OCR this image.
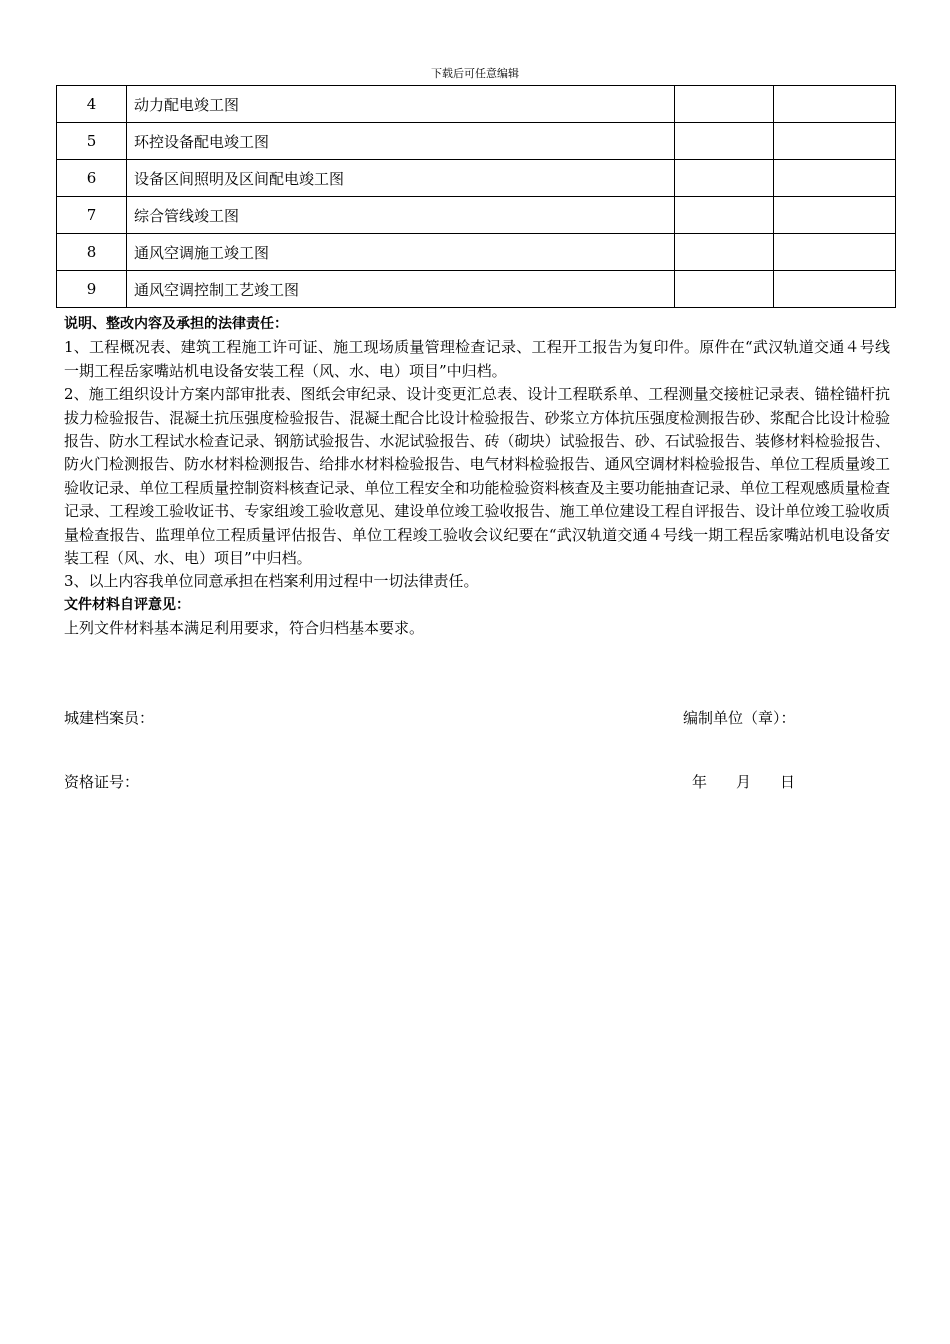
下载后可任意编辑
4	动力配电竣工图		
5	环控设备配电竣工图		
6	设备区间照明及区间配电竣工图		
7	综合管线竣工图		
8	通风空调施工竣工图		
9	通风空调控制工艺竣工图		

说明、整改内容及承担的法律责任：

1、工程概况表、建筑工程施工许可证、施工现场质量管理检查记录、工程开工报告为复印件。原件在“武汉轨道交通４号线一期工程岳家嘴站机电设备安装工程（风、水、电）项目”中归档。

2、施工组织设计方案内部审批表、图纸会审纪录、设计变更汇总表、设计工程联系单、工程测量交接桩记录表、锚栓锚杆抗拔力检验报告、混凝土抗压强度检验报告、混凝土配合比设计检验报告、砂浆立方体抗压强度检测报告砂、浆配合比设计检验报告、防水工程试水检查记录、钢筋试验报告、水泥试验报告、砖（砌块）试验报告、砂、石试验报告、装修材料检验报告、防火门检测报告、防水材料检测报告、给排水材料检验报告、电气材料检验报告、通风空调材料检验报告、单位工程质量竣工验收记录、单位工程质量控制资料核查记录、单位工程安全和功能检验资料核查及主要功能抽查记录、单位工程观感质量检查记录、工程竣工验收证书、专家组竣工验收意见、建设单位竣工验收报告、施工单位建设工程自评报告、设计单位竣工验收质量检查报告、监理单位工程质量评估报告、单位工程竣工验收会议纪要在“武汉轨道交通４号线一期工程岳家嘴站机电设备安装工程（风、水、电）项目”中归档。

3、以上内容我单位同意承担在档案利用过程中一切法律责任。

文件材料自评意见：

上列文件材料基本满足利用要求，符合归档基本要求。

城建档案员：	编制单位（章）：
资格证号：	年 月 日
